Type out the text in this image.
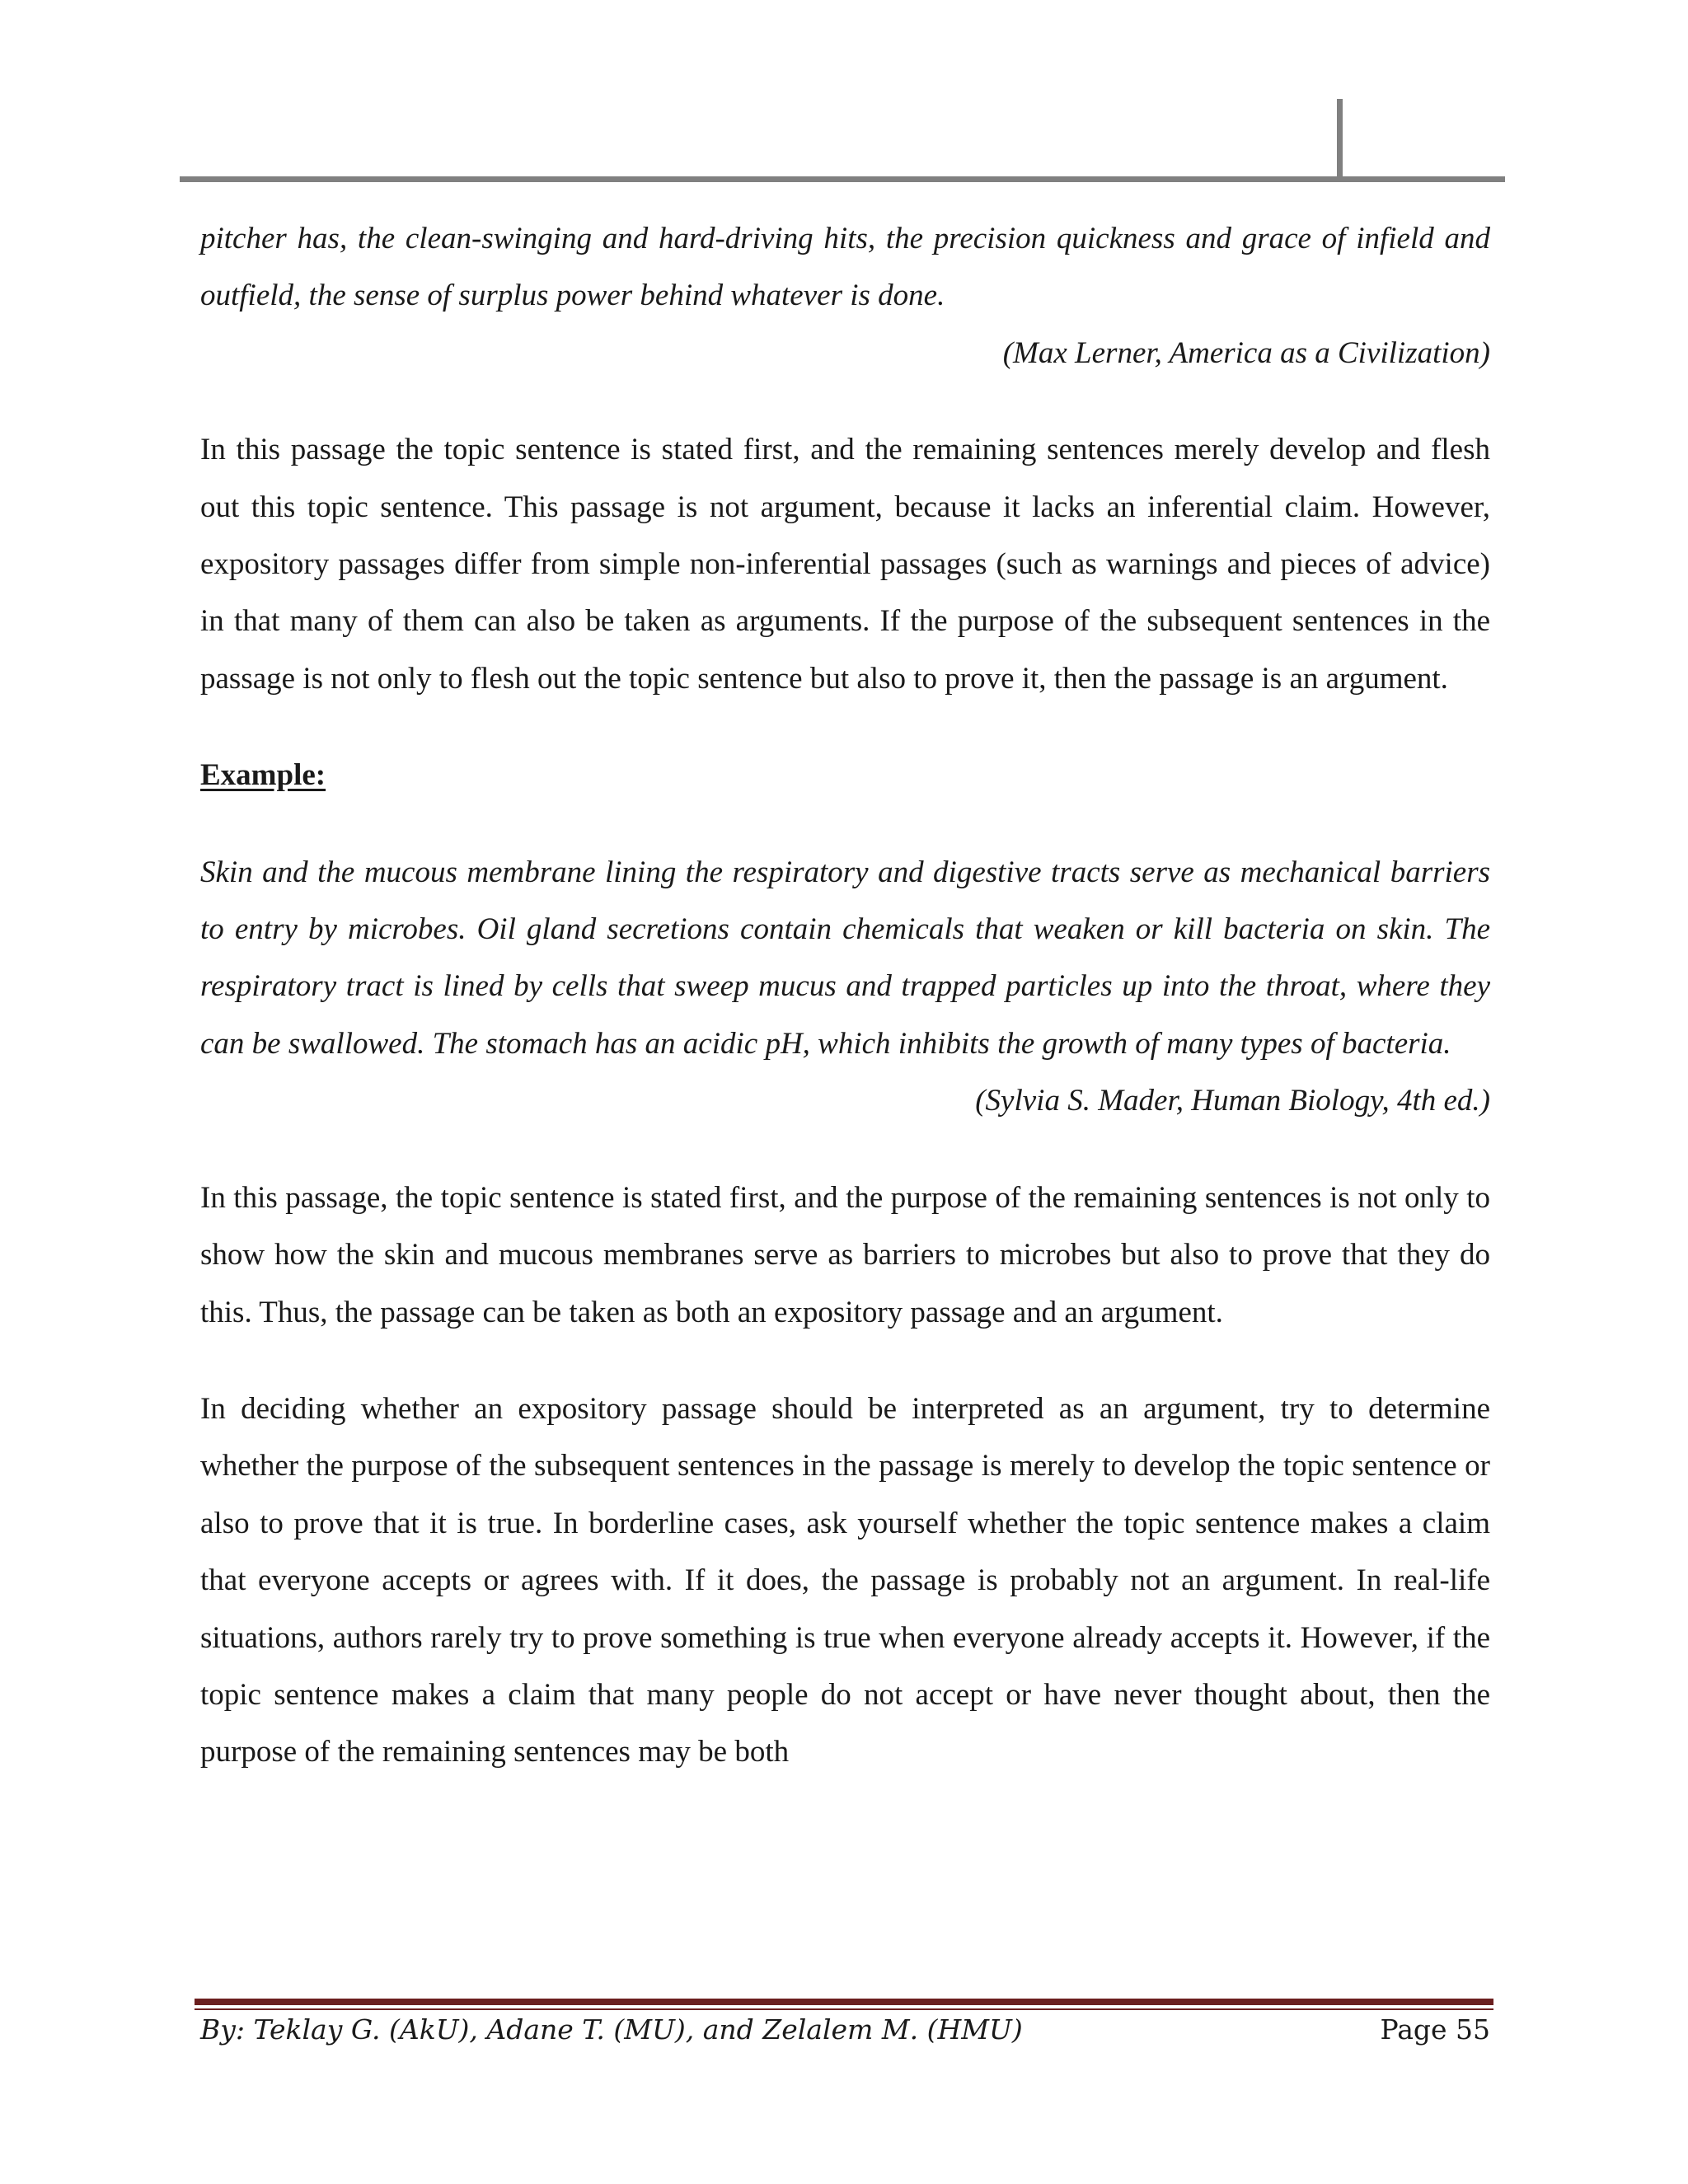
pitcher has, the clean-swinging and hard-driving hits, the precision quickness and grace of infield and outfield, the sense of surplus power behind whatever is done.

(Max Lerner, America as a Civilization)

In this passage the topic sentence is stated first, and the remaining sentences merely develop and flesh out this topic sentence. This passage is not argument, because it lacks an inferential claim. However, expository passages differ from simple non-inferential passages (such as warnings and pieces of advice) in that many of them can also be taken as arguments. If the purpose of the subsequent sentences in the passage is not only to flesh out the topic sentence but also to prove it, then the passage is an argument.

Example:

Skin and the mucous membrane lining the respiratory and digestive tracts serve as mechanical barriers to entry by microbes. Oil gland secretions contain chemicals that weaken or kill bacteria on skin. The respiratory tract is lined by cells that sweep mucus and trapped particles up into the throat, where they can be swallowed. The stomach has an acidic pH, which inhibits the growth of many types of bacteria.

(Sylvia S. Mader, Human Biology, 4th ed.)

In this passage, the topic sentence is stated first, and the purpose of the remaining sentences is not only to show how the skin and mucous membranes serve as barriers to microbes but also to prove that they do this. Thus, the passage can be taken as both an expository passage and an argument.

In deciding whether an expository passage should be interpreted as an argument, try to determine whether the purpose of the subsequent sentences in the passage is merely to develop the topic sentence or also to prove that it is true. In borderline cases, ask yourself whether the topic sentence makes a claim that everyone accepts or agrees with. If it does, the passage is probably not an argument. In real-life situations, authors rarely try to prove something is true when everyone already accepts it. However, if the topic sentence makes a claim that many people do not accept or have never thought about, then the purpose of the remaining sentences may be both

By: Teklay G. (AkU), Adane T. (MU), and Zelalem M. (HMU)	Page 55
